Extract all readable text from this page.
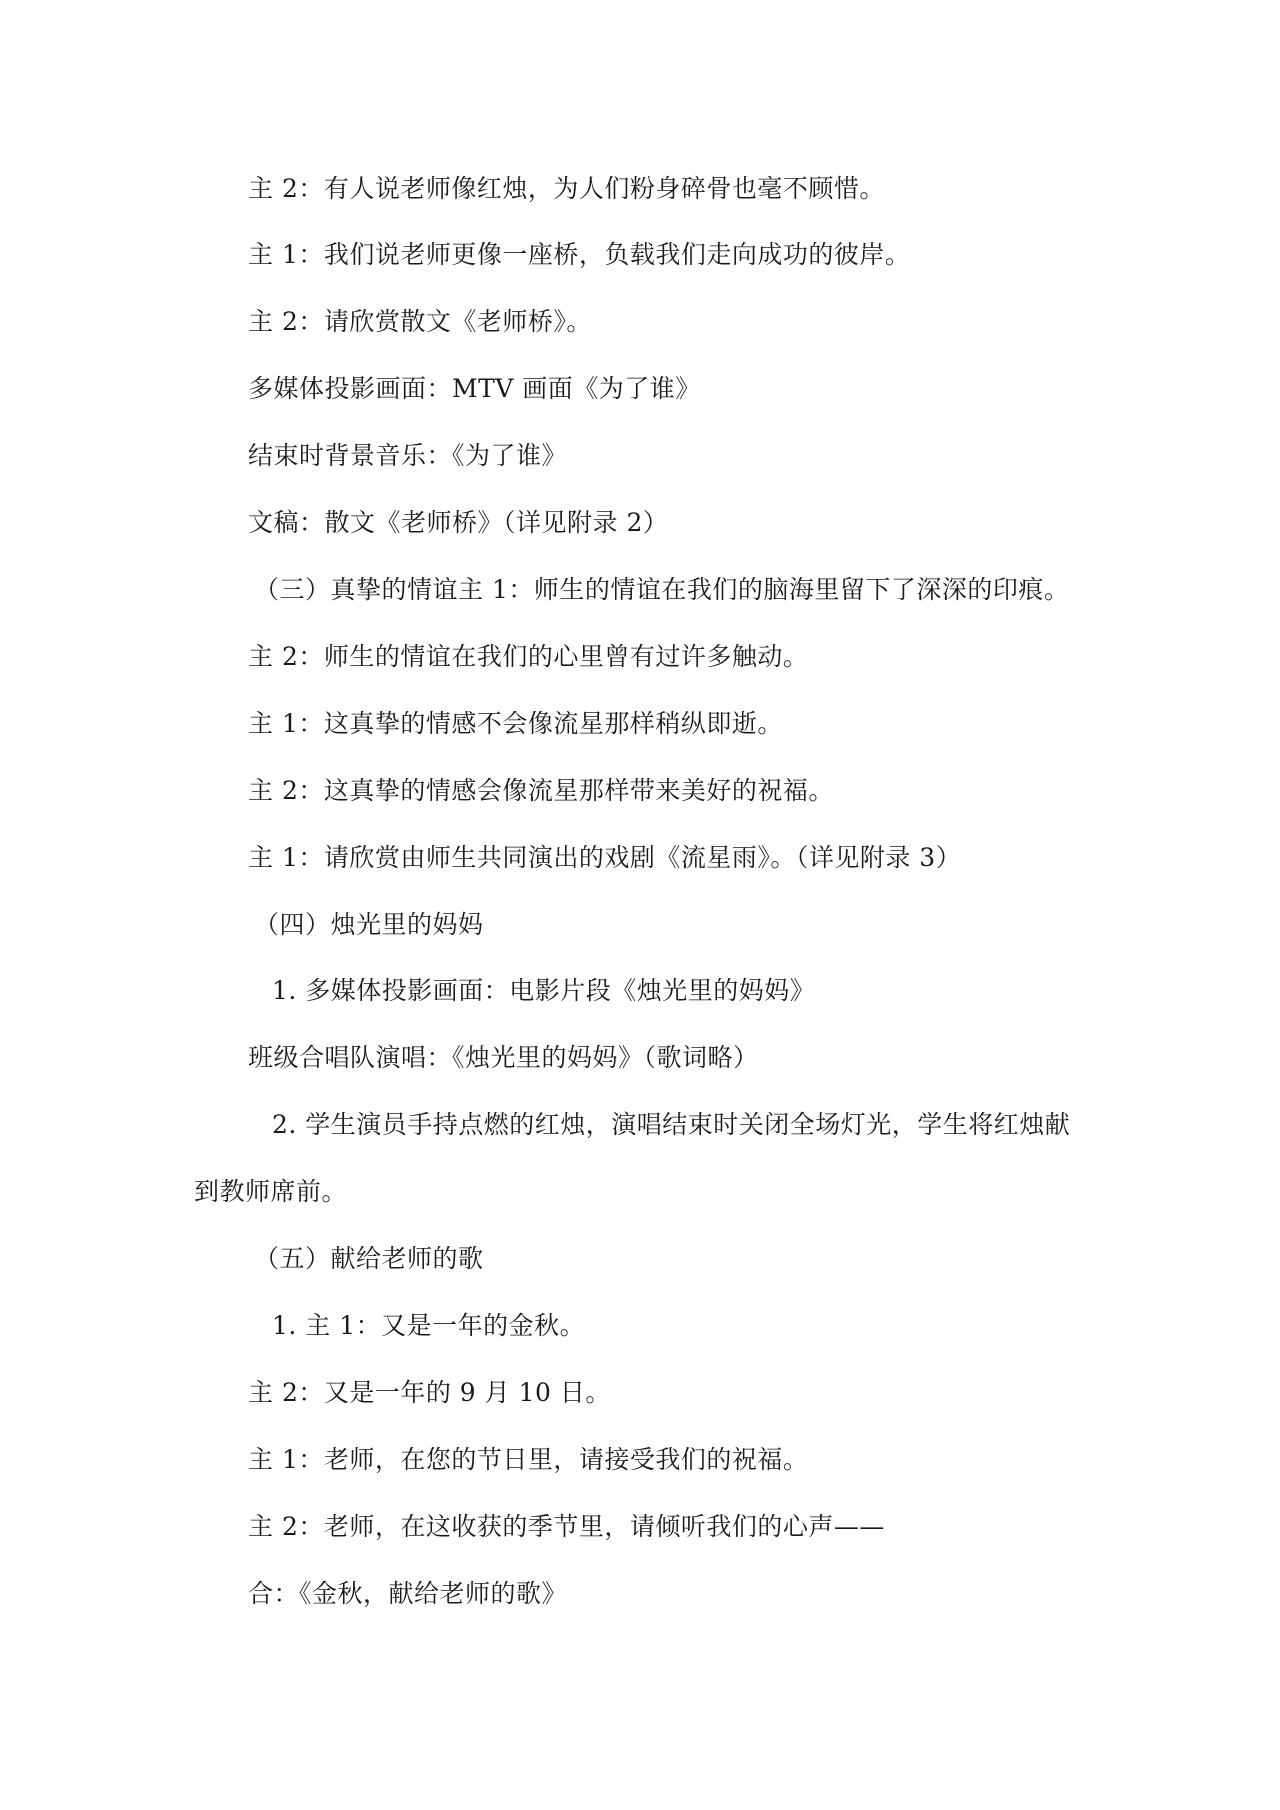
主 2：有人说老师像红烛，为人们粉身碎骨也毫不顾惜。
主 1：我们说老师更像一座桥，负载我们走向成功的彼岸。
主 2：请欣赏散文《老师桥》。
多媒体投影画面：MTV 画面《为了谁》
结束时背景音乐：《为了谁》
文稿：散文《老师桥》（详见附录 2）
（三）真挚的情谊主 1：师生的情谊在我们的脑海里留下了深深的印痕。
主 2：师生的情谊在我们的心里曾有过许多触动。
主 1：这真挚的情感不会像流星那样稍纵即逝。
主 2：这真挚的情感会像流星那样带来美好的祝福。
主 1：请欣赏由师生共同演出的戏剧《流星雨》。（详见附录 3）
（四）烛光里的妈妈
1. 多媒体投影画面：电影片段《烛光里的妈妈》
班级合唱队演唱：《烛光里的妈妈》（歌词略）
2. 学生演员手持点燃的红烛，演唱结束时关闭全场灯光，学生将红烛献
到教师席前。
（五）献给老师的歌
1. 主 1：又是一年的金秋。
主 2：又是一年的 9 月 10 日。
主 1：老师，在您的节日里，请接受我们的祝福。
主 2：老师，在这收获的季节里，请倾听我们的心声——
合：《金秋，献给老师的歌》
